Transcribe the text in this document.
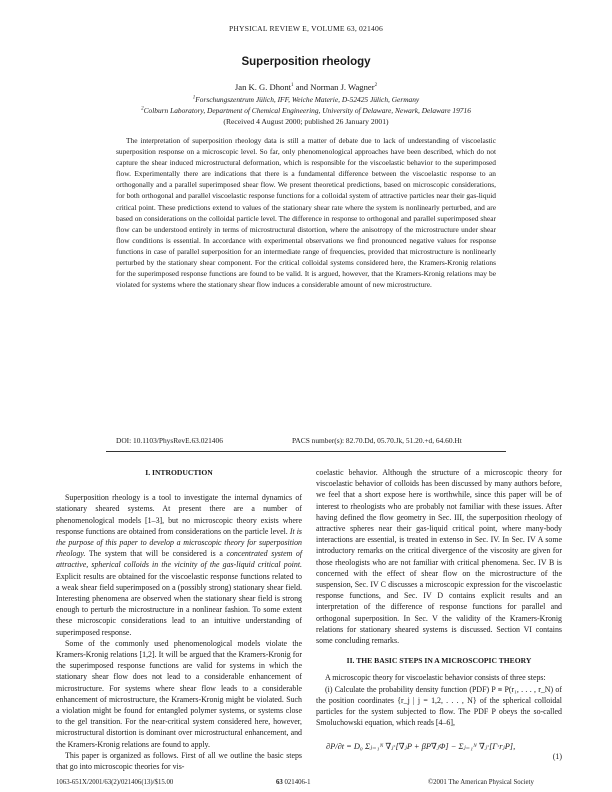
PHYSICAL REVIEW E, VOLUME 63, 021406
Superposition rheology
Jan K. G. Dhont$^1$ and Norman J. Wagner$^2$
$^1$Forschungszentrum Jülich, IFF, Weiche Materie, D-52425 Jülich, Germany
$^2$Colburn Laboratory, Department of Chemical Engineering, University of Delaware, Newark, Delaware 19716
(Received 4 August 2000; published 26 January 2001)

The interpretation of superposition rheology data is still a matter of debate due to lack of understanding of viscoelastic superposition response on a microscopic level. So far, only phenomenological approaches have been described, which do not capture the shear induced microstructural deformation, which is responsible for the viscoelastic behavior to the superimposed flow. Experimentally there are indications that there is a fundamental difference between the viscoelastic response to an orthogonally and a parallel superimposed shear flow. We present theoretical predictions, based on microscopic considerations, for both orthogonal and parallel viscoelastic response functions for a colloidal system of attractive particles near their gas-liquid critical point. These predictions extend to values of the stationary shear rate where the system is nonlinearly perturbed, and are based on considerations on the colloidal particle level. The difference in response to orthogonal and parallel superimposed shear flow can be understood entirely in terms of microstructural distortion, where the anisotropy of the microstructure under shear flow conditions is essential. In accordance with experimental observations we find pronounced negative values for response functions in case of parallel superposition for an intermediate range of frequencies, provided that microstructure is nonlinearly perturbed by the stationary shear component. For the critical colloidal systems considered here, the Kramers-Kronig relations for the superimposed response functions are found to be valid. It is argued, however, that the Kramers-Kronig relations may be violated for systems where the stationary shear flow induces a considerable amount of new microstructure.

DOI: 10.1103/PhysRevE.63.021406	PACS number(s): 82.70.Dd, 05.70.Jk, 51.20.+d, 64.60.Ht

I. INTRODUCTION

Superposition rheology is a tool to investigate the internal dynamics of stationary sheared systems. At present there are a number of phenomenological models [1–3], but no microscopic theory exists where response functions are obtained from considerations on the particle level. It is the purpose of this paper to develop a microscopic theory for superposition rheology. The system that will be considered is a concentrated system of attractive, spherical colloids in the vicinity of the gas-liquid critical point. Explicit results are obtained for the viscoelastic response functions related to a weak shear field superimposed on a (possibly strong) stationary shear field. Interesting phenomena are observed when the stationary shear field is strong enough to perturb the microstructure in a nonlinear fashion. To some extent these microscopic considerations lead to an intuitive understanding of superimposed response.

Some of the commonly used phenomenological models violate the Kramers-Kronig relations [1,2]. It will be argued that the Kramers-Kronig for the superimposed response functions are valid for systems in which the stationary shear flow does not lead to a considerable enhancement of microstructure. For systems where shear flow leads to a considerable enhancement of microstructure, the Kramers-Kronig might be violated. Such a violation might be found for entangled polymer systems, or systems close to the gel transition. For the near-critical system considered here, however, microstructural distortion is dominant over microstructural enhancement, and the Kramers-Kronig relations are found to apply.

This paper is organized as follows. First of all we outline the basic steps that go into microscopic theories for vis-

coelastic behavior. Although the structure of a microscopic theory for viscoelastic behavior of colloids has been discussed by many authors before, we feel that a short expose here is worthwhile, since this paper will be of interest to rheologists who are probably not familiar with these issues. After having defined the flow geometry in Sec. III, the superposition rheology of attractive spheres near their gas-liquid critical point, where many-body interactions are essential, is treated in extenso in Sec. IV. In Sec. IV A some introductory remarks on the critical divergence of the viscosity are given for those rheologists who are not familiar with critical phenomena. Sec. IV B is concerned with the effect of shear flow on the microstructure of the suspension, Sec. IV C discusses a microscopic expression for the viscoelastic response functions, and Sec. IV D contains explicit results and an interpretation of the difference of response functions for parallel and orthogonal superposition. In Sec. V the validity of the Kramers-Kronig relations for stationary sheared systems is discussed. Section VI contains some concluding remarks.

II. THE BASIC STEPS IN A MICROSCOPIC THEORY

A microscopic theory for viscoelastic behavior consists of three steps:

(i) Calculate the probability density function (PDF) P ≡ P(r₁, . . . , r_N) of the position coordinates {r_j | j = 1,2, . . . , N} of the spherical colloidal particles for the system subjected to flow. The PDF P obeys the so-called Smoluchowski equation, which reads [4–6],

∂P/∂t = D₀ Σⱼ₌₁ᴺ ∇ⱼ·[∇ⱼP + βP∇ⱼΦ] − Σⱼ₌₁ᴺ ∇ⱼ·[Γ·rⱼP],
(1)
1063-651X/2001/63(2)/021406(13)/$15.00	63 021406-1	©2001 The American Physical Society
